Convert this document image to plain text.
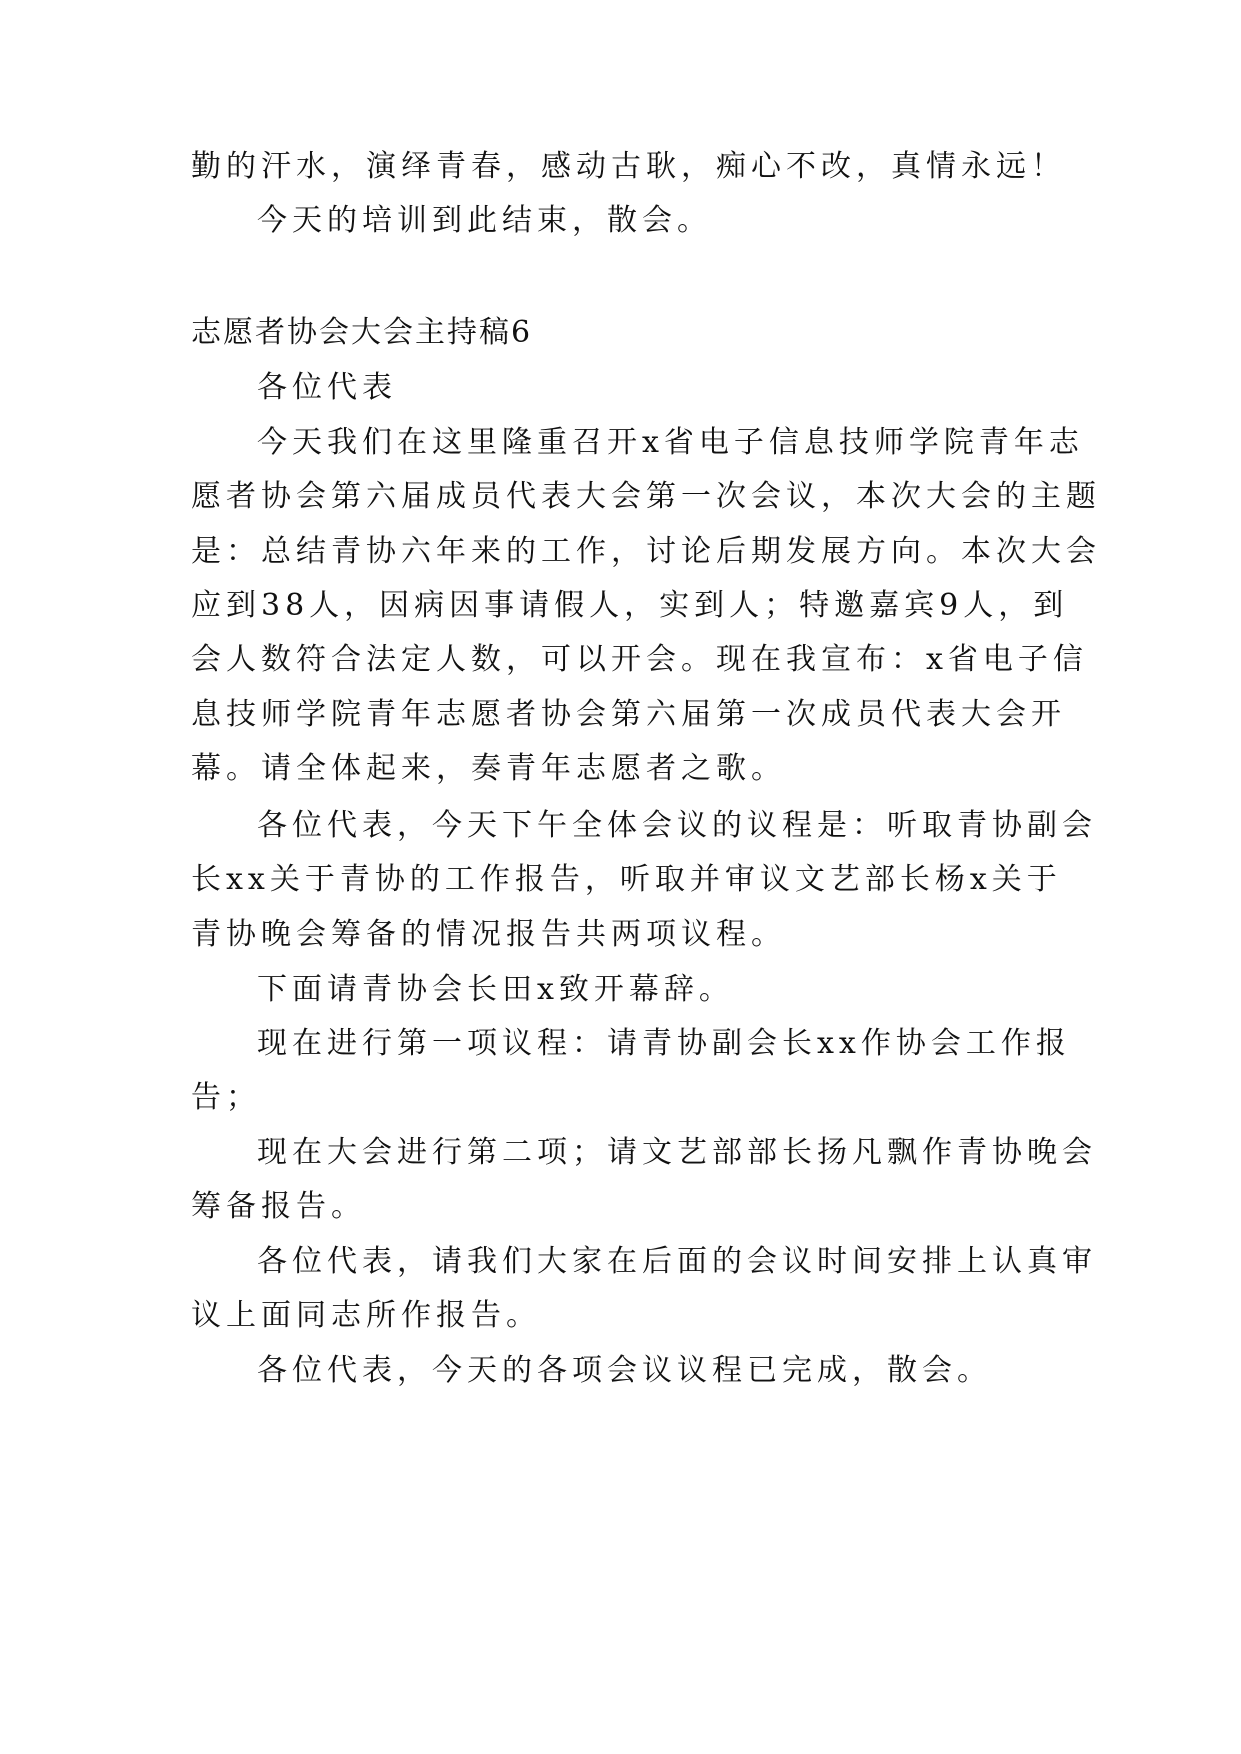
勤的汗水，演绎青春，感动古耿，痴心不改，真情永远！
今天的培训到此结束，散会。
志愿者协会大会主持稿6
各位代表
今天我们在这里隆重召开x省电子信息技师学院青年志
愿者协会第六届成员代表大会第一次会议，本次大会的主题
是：总结青协六年来的工作，讨论后期发展方向。本次大会
应到38人，因病因事请假人，实到人；特邀嘉宾9人，到
会人数符合法定人数，可以开会。现在我宣布：x省电子信
息技师学院青年志愿者协会第六届第一次成员代表大会开
幕。请全体起来，奏青年志愿者之歌。
各位代表，今天下午全体会议的议程是：听取青协副会
长xx关于青协的工作报告，听取并审议文艺部长杨x关于
青协晚会筹备的情况报告共两项议程。
下面请青协会长田x致开幕辞。
现在进行第一项议程：请青协副会长xx作协会工作报
告；
现在大会进行第二项；请文艺部部长扬凡飘作青协晚会
筹备报告。
各位代表，请我们大家在后面的会议时间安排上认真审
议上面同志所作报告。
各位代表，今天的各项会议议程已完成，散会。
